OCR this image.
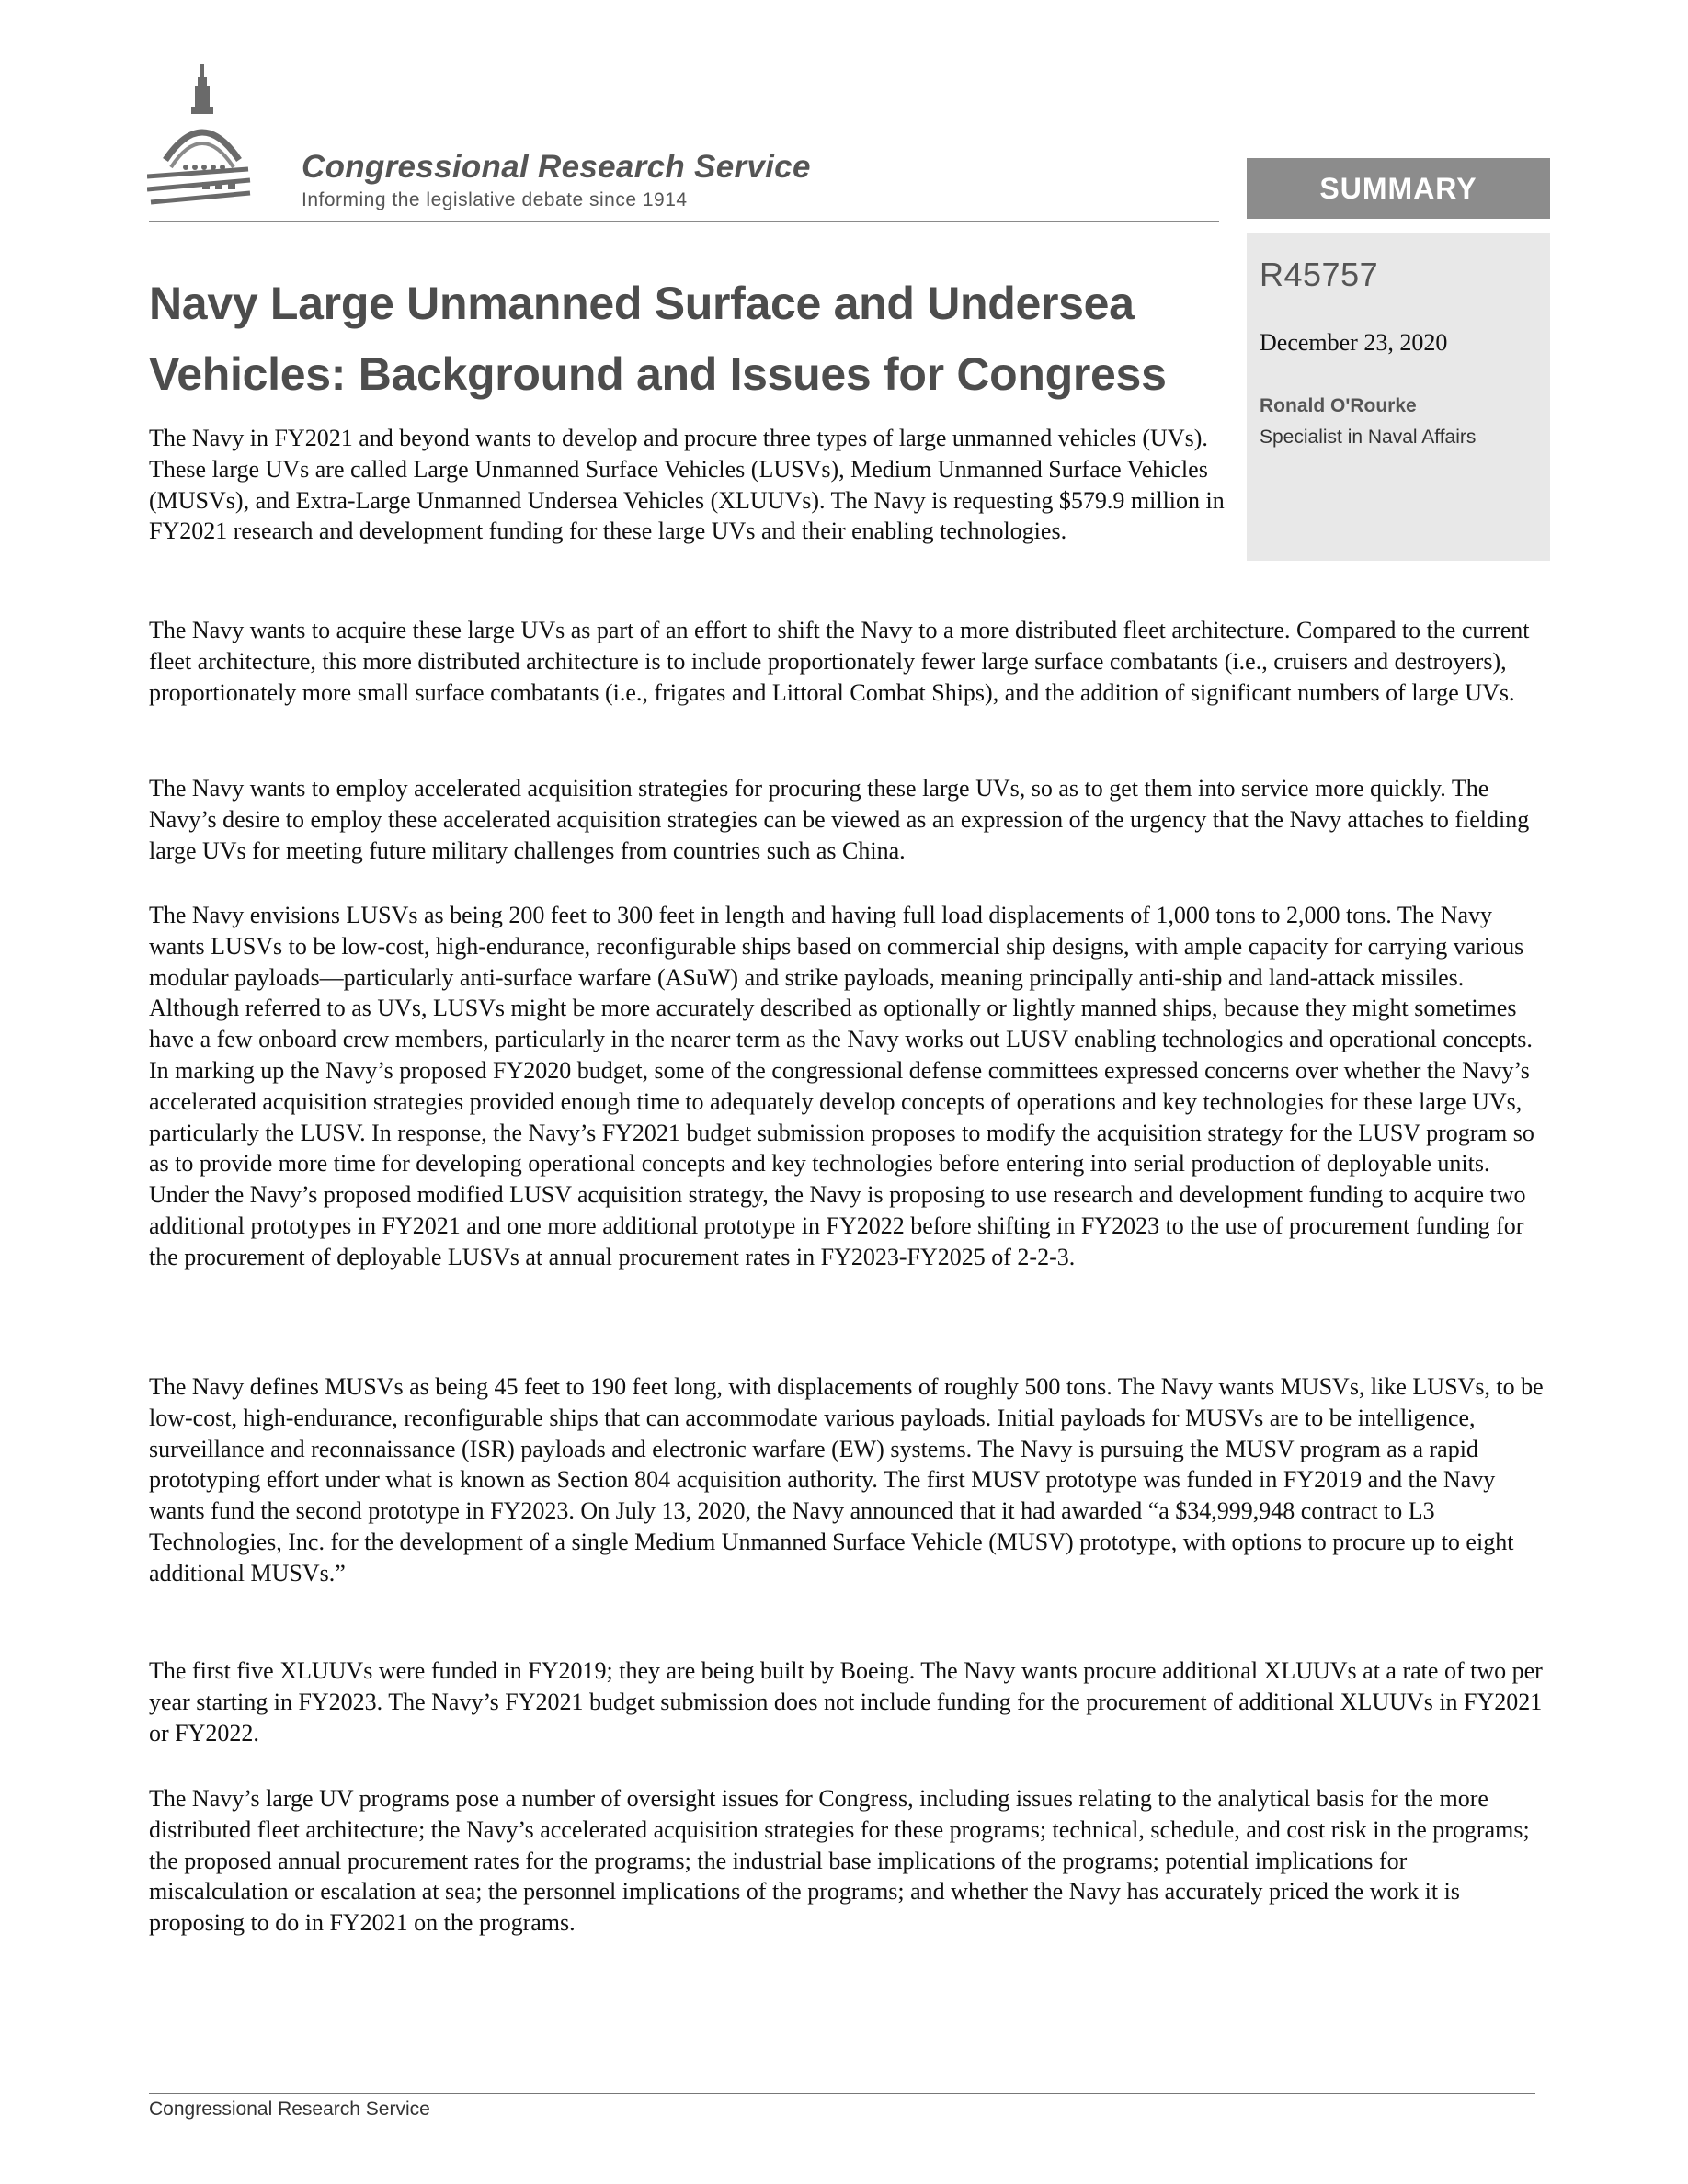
Congressional Research Service
Informing the legislative debate since 1914	SUMMARY
R45757
December 23, 2020
Ronald O'Rourke
Specialist in Naval Affairs
Navy Large Unmanned Surface and Undersea
Vehicles: Background and Issues for Congress

The Navy in FY2021 and beyond wants to develop and procure three types of large unmanned vehicles (UVs). These large UVs are called Large Unmanned Surface Vehicles (LUSVs), Medium Unmanned Surface Vehicles (MUSVs), and Extra-Large Unmanned Undersea Vehicles (XLUUVs). The Navy is requesting $579.9 million in FY2021 research and development funding for these large UVs and their enabling technologies.

The Navy wants to acquire these large UVs as part of an effort to shift the Navy to a more distributed fleet architecture. Compared to the current fleet architecture, this more distributed architecture is to include proportionately fewer large surface combatants (i.e., cruisers and destroyers), proportionately more small surface combatants (i.e., frigates and Littoral Combat Ships), and the addition of significant numbers of large UVs.

The Navy wants to employ accelerated acquisition strategies for procuring these large UVs, so as to get them into service more quickly. The Navy’s desire to employ these accelerated acquisition strategies can be viewed as an expression of the urgency that the Navy attaches to fielding large UVs for meeting future military challenges from countries such as China.

The Navy envisions LUSVs as being 200 feet to 300 feet in length and having full load displacements of 1,000 tons to 2,000 tons. The Navy wants LUSVs to be low-cost, high-endurance, reconfigurable ships based on commercial ship designs, with ample capacity for carrying various modular payloads—particularly anti-surface warfare (ASuW) and strike payloads, meaning principally anti-ship and land-attack missiles. Although referred to as UVs, LUSVs might be more accurately described as optionally or lightly manned ships, because they might sometimes have a few onboard crew members, particularly in the nearer term as the Navy works out LUSV enabling technologies and operational concepts. In marking up the Navy’s proposed FY2020 budget, some of the congressional defense committees expressed concerns over whether the Navy’s accelerated acquisition strategies provided enough time to adequately develop concepts of operations and key technologies for these large UVs, particularly the LUSV. In response, the Navy’s FY2021 budget submission proposes to modify the acquisition strategy for the LUSV program so as to provide more time for developing operational concepts and key technologies before entering into serial production of deployable units. Under the Navy’s proposed modified LUSV acquisition strategy, the Navy is proposing to use research and development funding to acquire two additional prototypes in FY2021 and one more additional prototype in FY2022 before shifting in FY2023 to the use of procurement funding for the procurement of deployable LUSVs at annual procurement rates in FY2023-FY2025 of 2-2-3.

The Navy defines MUSVs as being 45 feet to 190 feet long, with displacements of roughly 500 tons. The Navy wants MUSVs, like LUSVs, to be low-cost, high-endurance, reconfigurable ships that can accommodate various payloads. Initial payloads for MUSVs are to be intelligence, surveillance and reconnaissance (ISR) payloads and electronic warfare (EW) systems. The Navy is pursuing the MUSV program as a rapid prototyping effort under what is known as Section 804 acquisition authority. The first MUSV prototype was funded in FY2019 and the Navy wants fund the second prototype in FY2023. On July 13, 2020, the Navy announced that it had awarded “a $34,999,948 contract to L3 Technologies, Inc. for the development of a single Medium Unmanned Surface Vehicle (MUSV) prototype, with options to procure up to eight additional MUSVs.”

The first five XLUUVs were funded in FY2019; they are being built by Boeing. The Navy wants procure additional XLUUVs at a rate of two per year starting in FY2023. The Navy’s FY2021 budget submission does not include funding for the procurement of additional XLUUVs in FY2021 or FY2022.

The Navy’s large UV programs pose a number of oversight issues for Congress, including issues relating to the analytical basis for the more distributed fleet architecture; the Navy’s accelerated acquisition strategies for these programs; technical, schedule, and cost risk in the programs; the proposed annual procurement rates for the programs; the industrial base implications of the programs; potential implications for miscalculation or escalation at sea; the personnel implications of the programs; and whether the Navy has accurately priced the work it is proposing to do in FY2021 on the programs.

Congressional Research Service
